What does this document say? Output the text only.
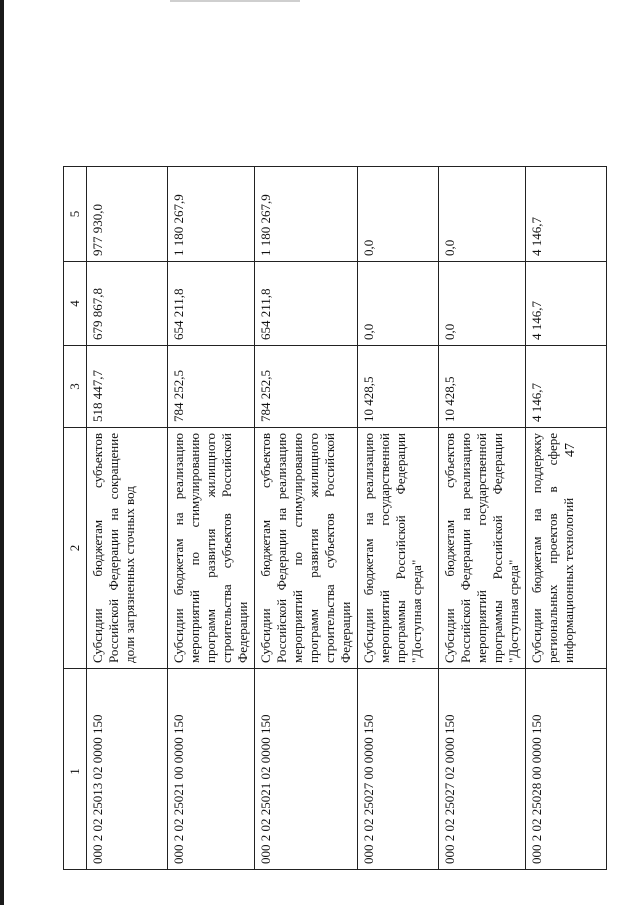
47
1	2	3	4	5
000 2 02 25013 02 0000 150	Субсидии бюджетам субъектов Российской Федерации на сокращение доли загрязненных сточных вод	518 447,7	679 867,8	977 930,0
000 2 02 25021 00 0000 150	Субсидии бюджетам на реализацию мероприятий по стимулированию программ развития жилищного строительства субъектов Российской Федерации	784 252,5	654 211,8	1 180 267,9
000 2 02 25021 02 0000 150	Субсидии бюджетам субъектов Российской Федерации на реализацию мероприятий по стимулированию программ развития жилищного строительства субъектов Российской Федерации	784 252,5	654 211,8	1 180 267,9
000 2 02 25027 00 0000 150	Субсидии бюджетам на реализацию мероприятий государственной программы Российской Федерации "Доступная среда"	10 428,5	0,0	0,0
000 2 02 25027 02 0000 150	Субсидии бюджетам субъектов Российской Федерации на реализацию мероприятий государственной программы Российской Федерации "Доступная среда"	10 428,5	0,0	0,0
000 2 02 25028 00 0000 150	Субсидии бюджетам на поддержку региональных проектов в сфере информационных технологий	4 146,7	4 146,7	4 146,7
